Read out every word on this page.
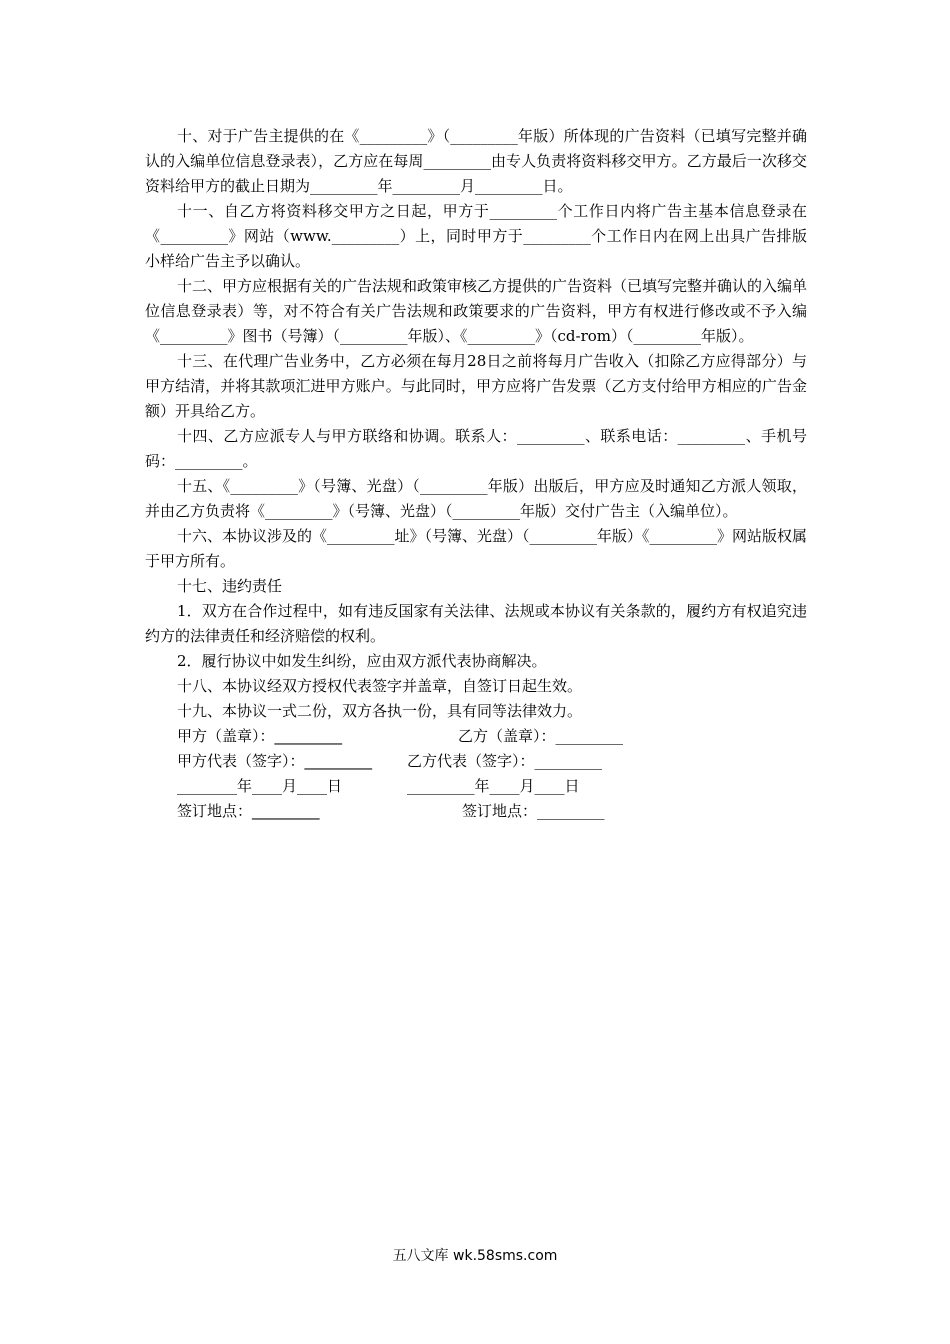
十、对于广告主提供的在《_________》（_________年版）所体现的广告资料（已填写完整并确认的入编单位信息登录表），乙方应在每周_________由专人负责将资料移交甲方。乙方最后一次移交资料给甲方的截止日期为_________年_________月_________日。

十一、自乙方将资料移交甲方之日起，甲方于_________个工作日内将广告主基本信息登录在《_________》网站（www._________）上，同时甲方于_________个工作日内在网上出具广告排版小样给广告主予以确认。

十二、甲方应根据有关的广告法规和政策审核乙方提供的广告资料（已填写完整并确认的入编单位信息登录表）等，对不符合有关广告法规和政策要求的广告资料，甲方有权进行修改或不予入编《_________》图书（号簿）（_________年版）、《_________》（cd-rom）（_________年版）。

十三、在代理广告业务中，乙方必须在每月28日之前将每月广告收入（扣除乙方应得部分）与甲方结清，并将其款项汇进甲方账户。与此同时，甲方应将广告发票（乙方支付给甲方相应的广告金额）开具给乙方。

十四、乙方应派专人与甲方联络和协调。联系人：_________、联系电话：_________、手机号码：_________。

十五、《_________》（号簿、光盘）（_________年版）出版后，甲方应及时通知乙方派人领取，并由乙方负责将《_________》（号簿、光盘）（_________年版）交付广告主（入编单位）。

十六、本协议涉及的《_________址》（号簿、光盘）（_________年版）《_________》网站版权属于甲方所有。

十七、违约责任

1．双方在合作过程中，如有违反国家有关法律、法规或本协议有关条款的，履约方有权追究违约方的法律责任和经济赔偿的权利。

2．履行协议中如发生纠纷，应由双方派代表协商解决。

十八、本协议经双方授权代表签字并盖章，自签订日起生效。

十九、本协议一式二份，双方各执一份，具有同等法律效力。

甲方（盖章）：_________	乙方（盖章）：_________
甲方代表（签字）：_________ 乙方代表（签字）：_________
________年____月____日	_________年____月____日
签订地点：_________	签订地点：_________
五八文库 wk.58sms.com
